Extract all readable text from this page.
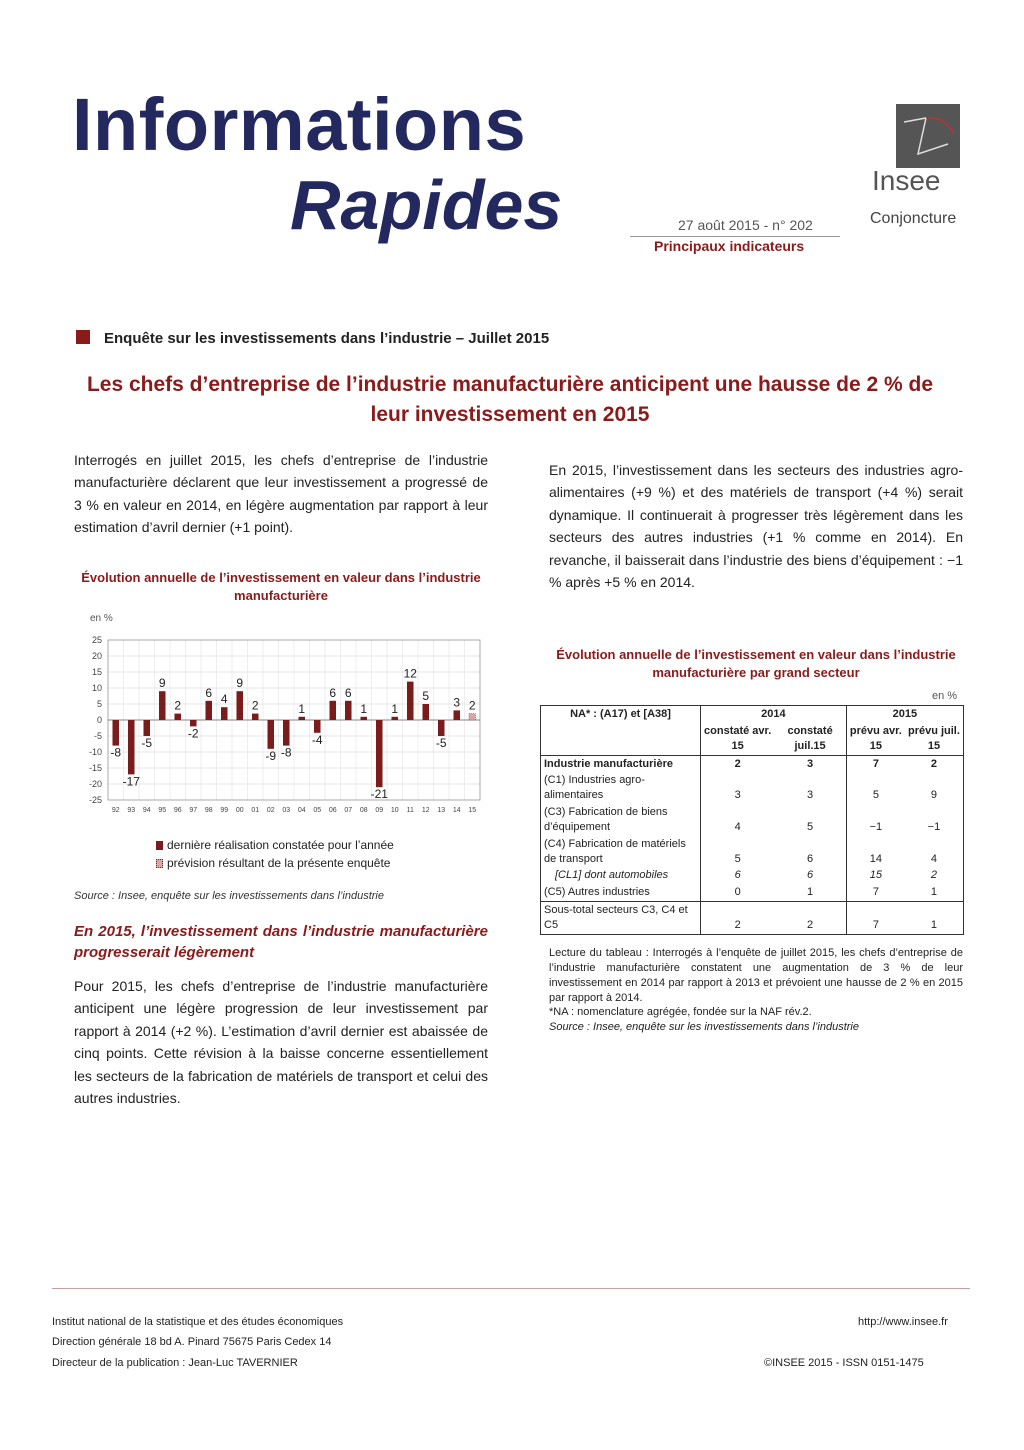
Informations
Rapides	27 août 2015 - n° 202
Principaux indicateurs
Insee
Conjoncture
Enquête sur les investissements dans l’industrie – Juillet 2015
Les chefs d’entreprise de l’industrie manufacturière anticipent une hausse de 2 % de leur investissement en 2015
Interrogés en juillet 2015, les chefs d’entreprise de l’industrie manufacturière déclarent que leur investissement a progressé de 3 % en valeur en 2014, en légère augmentation par rapport à leur estimation d’avril dernier (+1 point).
Évolution annuelle de l’investissement en valeur dans l’industrie manufacturière
en %
25
20
15
10
5
0
-5
-10
-15
-20
-25
-8
-17
-5
9
2
-2
6 4
9
2
-9 -8
1
-4
6 6
1
-21
1
12
5
-5
3 2
92 93 94 95 96 97 98 99 00 01 02 03 04 05 06 07 08 09 10 11 12 13 14 15
dernière réalisation constatée pour l’année
prévision résultant de la présente enquête
Source : Insee, enquête sur les investissements dans l’industrie
En 2015, l’investissement dans l’industrie manufacturière progresserait légèrement
Pour 2015, les chefs d’entreprise de l’industrie manufacturière anticipent une légère progression de leur investissement par rapport à 2014 (+2 %). L’estimation d’avril dernier est abaissée de cinq points. Cette révision à la baisse concerne essentiellement les secteurs de la fabrication de matériels de transport et celui des autres industries.
En 2015, l’investissement dans les secteurs des industries agro-alimentaires (+9 %) et des matériels de transport (+4 %) serait dynamique. Il continuerait à progresser très légèrement dans les secteurs des autres industries (+1 % comme en 2014). En revanche, il baisserait dans l’industrie des biens d’équipement : −1 % après +5 % en 2014.
Évolution annuelle de l’investissement en valeur dans l’industrie manufacturière par grand secteur
en %
NA* : (A17) et [A38]	2014		2015	
	constaté avr. 15	constaté juil.15	prévu avr. 15	prévu juil. 15
Industrie manufacturière	2	3	7	2
(C1) Industries agro-alimentaires	3	3	5	9
(C3) Fabrication de biens d’équipement	4	5	−1	−1
(C4) Fabrication de matériels de transport	5	6	14	4
[CL1] dont automobiles	6	6	15	2
(C5) Autres industries	0	1	7	1
Sous-total secteurs C3, C4 et C5	2	2	7	1
Lecture du tableau : Interrogés à l’enquête de juillet 2015, les chefs d’entreprise de l’industrie manufacturière constatent une augmentation de 3 % de leur investissement en 2014 par rapport à 2013 et prévoient une hausse de 2 % en 2015 par rapport à 2014.
*NA : nomenclature agrégée, fondée sur la NAF rév.2.
Source : Insee, enquête sur les investissements dans l’industrie
Institut national de la statistique et des études économiques
Direction générale 18 bd A. Pinard 75675 Paris Cedex 14
Directeur de la publication : Jean-Luc TAVERNIER
http://www.insee.fr
©INSEE 2015 - ISSN 0151-1475
